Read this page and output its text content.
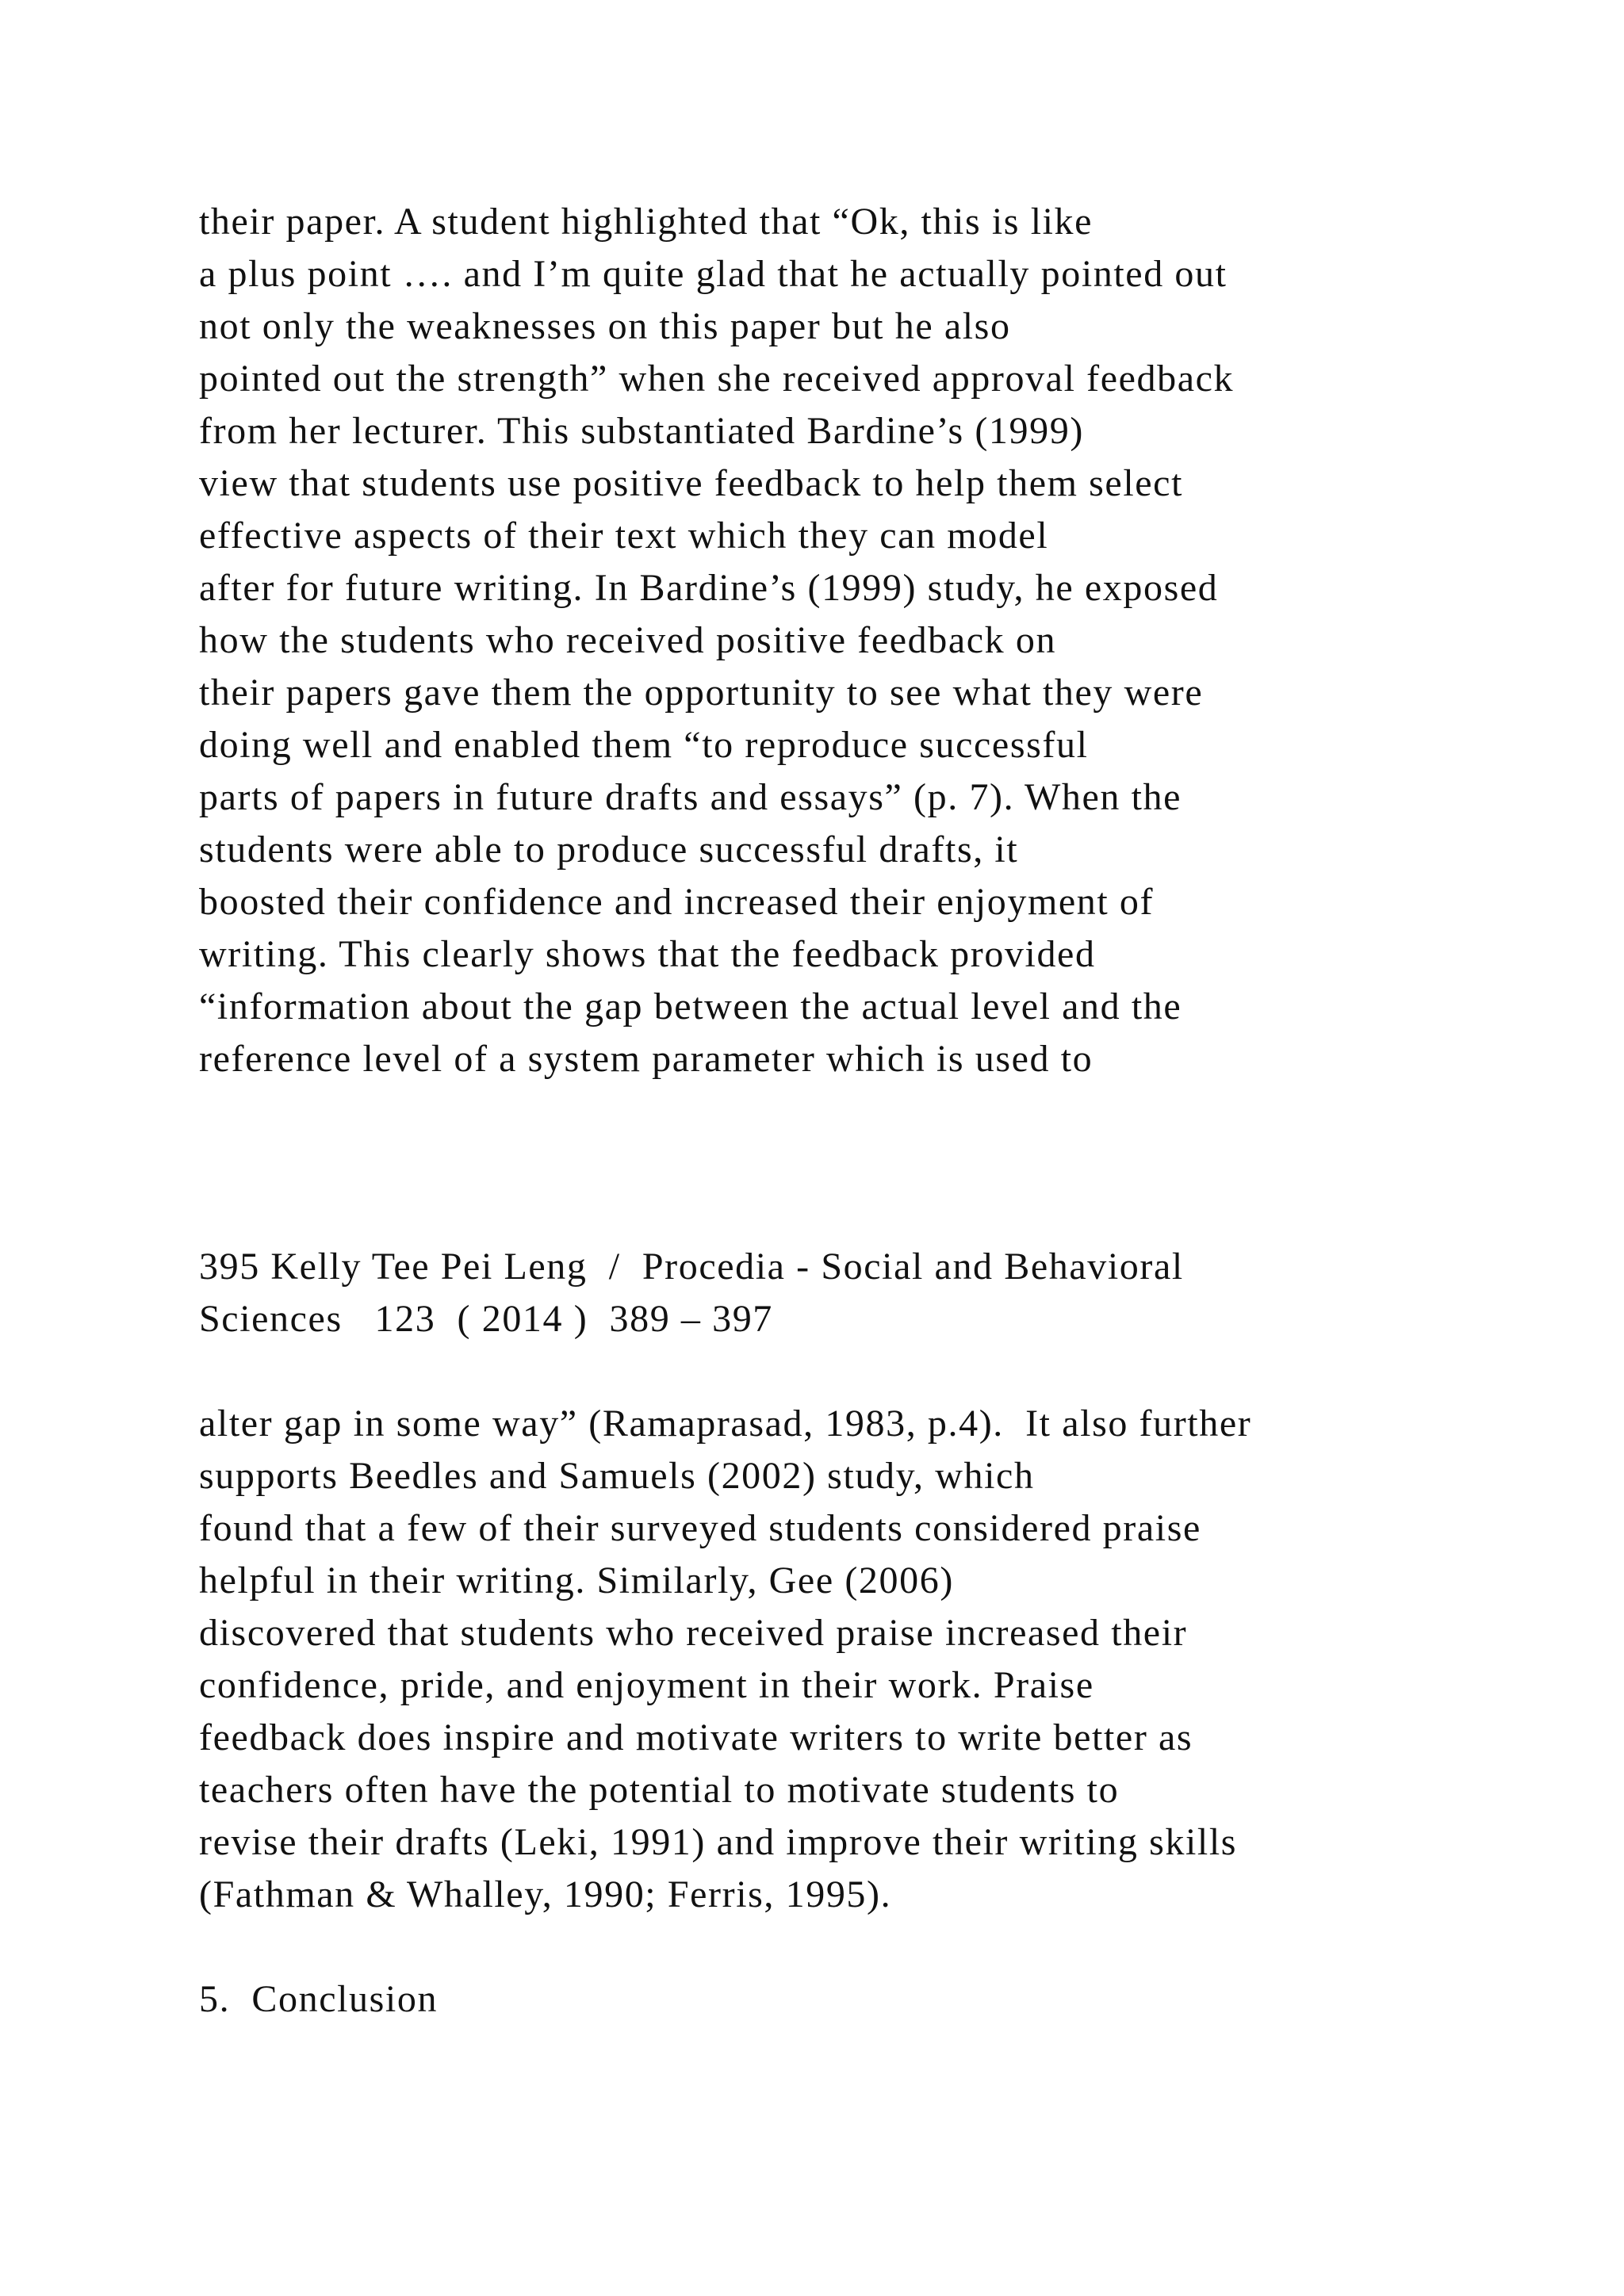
their paper. A student highlighted that “Ok, this is like
a plus point …. and I’m quite glad that he actually pointed out
not only the weaknesses on this paper but he also
pointed out the strength” when she received approval feedback
from her lecturer. This substantiated Bardine’s (1999)
view that students use positive feedback to help them select
effective aspects of their text which they can model
after for future writing. In Bardine’s (1999) study, he exposed
how the students who received positive feedback on
their papers gave them the opportunity to see what they were
doing well and enabled them “to reproduce successful
parts of papers in future drafts and essays” (p. 7). When the
students were able to produce successful drafts, it
boosted their confidence and increased their enjoyment of
writing. This clearly shows that the feedback provided
“information about the gap between the actual level and the
reference level of a system parameter which is used to
395 Kelly Tee Pei Leng  /  Procedia - Social and Behavioral
Sciences   123  ( 2014 )  389 – 397
alter gap in some way” (Ramaprasad, 1983, p.4).  It also further
supports Beedles and Samuels (2002) study, which
found that a few of their surveyed students considered praise
helpful in their writing. Similarly, Gee (2006)
discovered that students who received praise increased their
confidence, pride, and enjoyment in their work. Praise
feedback does inspire and motivate writers to write better as
teachers often have the potential to motivate students to
revise their drafts (Leki, 1991) and improve their writing skills
(Fathman & Whalley, 1990; Ferris, 1995).
5.  Conclusion
